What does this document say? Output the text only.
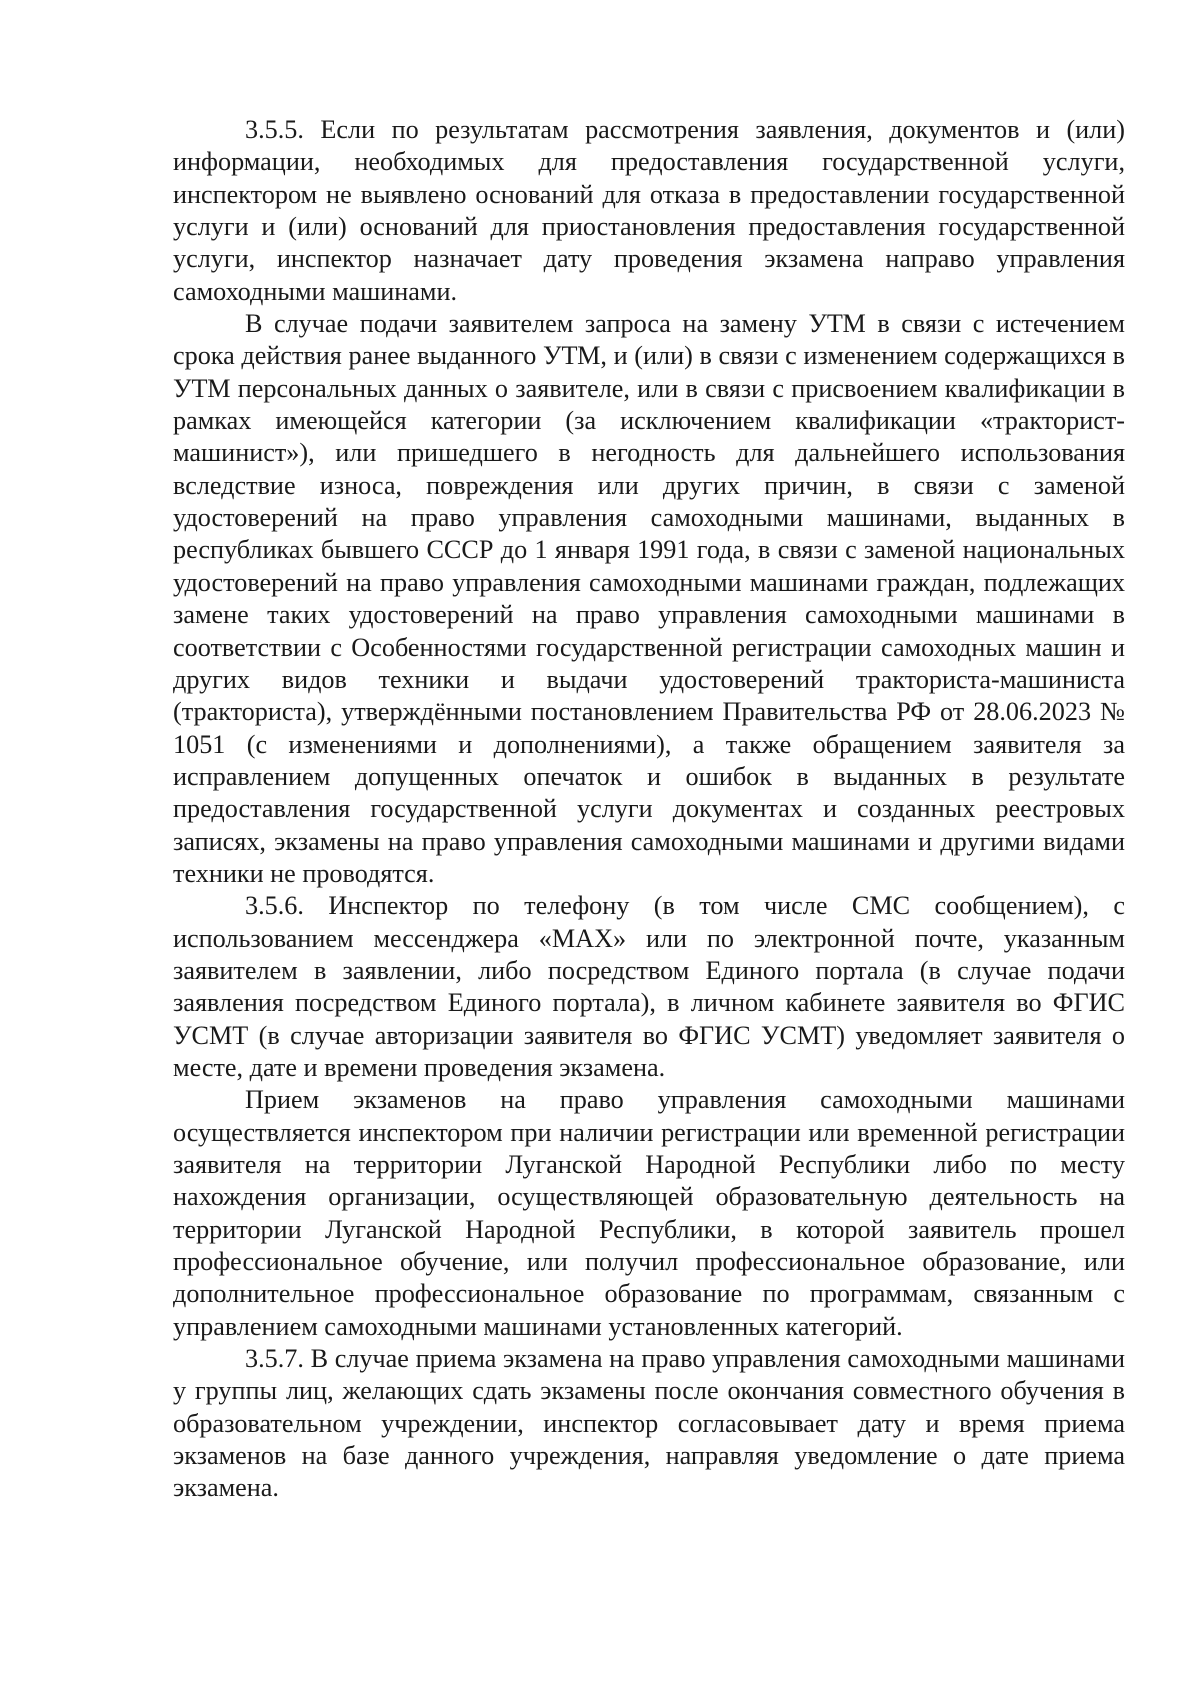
3.5.5. Если по результатам рассмотрения заявления, документов и (или) информации, необходимых для предоставления государственной услуги, инспектором не выявлено оснований для отказа в предоставлении государственной услуги и (или) оснований для приостановления предоставления государственной услуги, инспектор назначает дату проведения экзамена направо управления самоходными машинами.

В случае подачи заявителем запроса на замену УТМ в связи с истечением срока действия ранее выданного УТМ, и (или) в связи с изменением содержащихся в УТМ персональных данных о заявителе, или в связи с присвоением квалификации в рамках имеющейся категории (за исключением квалификации «тракторист-машинист»), или пришедшего в негодность для дальнейшего использования вследствие износа, повреждения или других причин, в связи с заменой удостоверений на право управления самоходными машинами, выданных в республиках бывшего СССР до 1 января 1991 года, в связи с заменой национальных удостоверений на право управления самоходными машинами граждан, подлежащих замене таких удостоверений на право управления самоходными машинами в соответствии с Особенностями государственной регистрации самоходных машин и других видов техники и выдачи удостоверений тракториста-машиниста (тракториста), утверждёнными постановлением Правительства РФ от 28.06.2023 № 1051 (с изменениями и дополнениями), а также обращением заявителя за исправлением допущенных опечаток и ошибок в выданных в результате предоставления государственной услуги документах и созданных реестровых записях, экзамены на право управления самоходными машинами и другими видами техники не проводятся.

3.5.6. Инспектор по телефону (в том числе СМС сообщением), с использованием мессенджера «MAX» или по электронной почте, указанным заявителем в заявлении, либо посредством Единого портала (в случае подачи заявления посредством Единого портала), в личном кабинете заявителя во ФГИС УСМТ (в случае авторизации заявителя во ФГИС УСМТ) уведомляет заявителя о месте, дате и времени проведения экзамена.

Прием экзаменов на право управления самоходными машинами осуществляется инспектором при наличии регистрации или временной регистрации заявителя на территории Луганской Народной Республики либо по месту нахождения организации, осуществляющей образовательную деятельность на территории Луганской Народной Республики, в которой заявитель прошел профессиональное обучение, или получил профессиональное образование, или дополнительное профессиональное образование по программам, связанным с управлением самоходными машинами установленных категорий.

3.5.7. В случае приема экзамена на право управления самоходными машинами у группы лиц, желающих сдать экзамены после окончания совместного обучения в образовательном учреждении, инспектор согласовывает дату и время приема экзаменов на базе данного учреждения, направляя уведомление о дате приема экзамена.
